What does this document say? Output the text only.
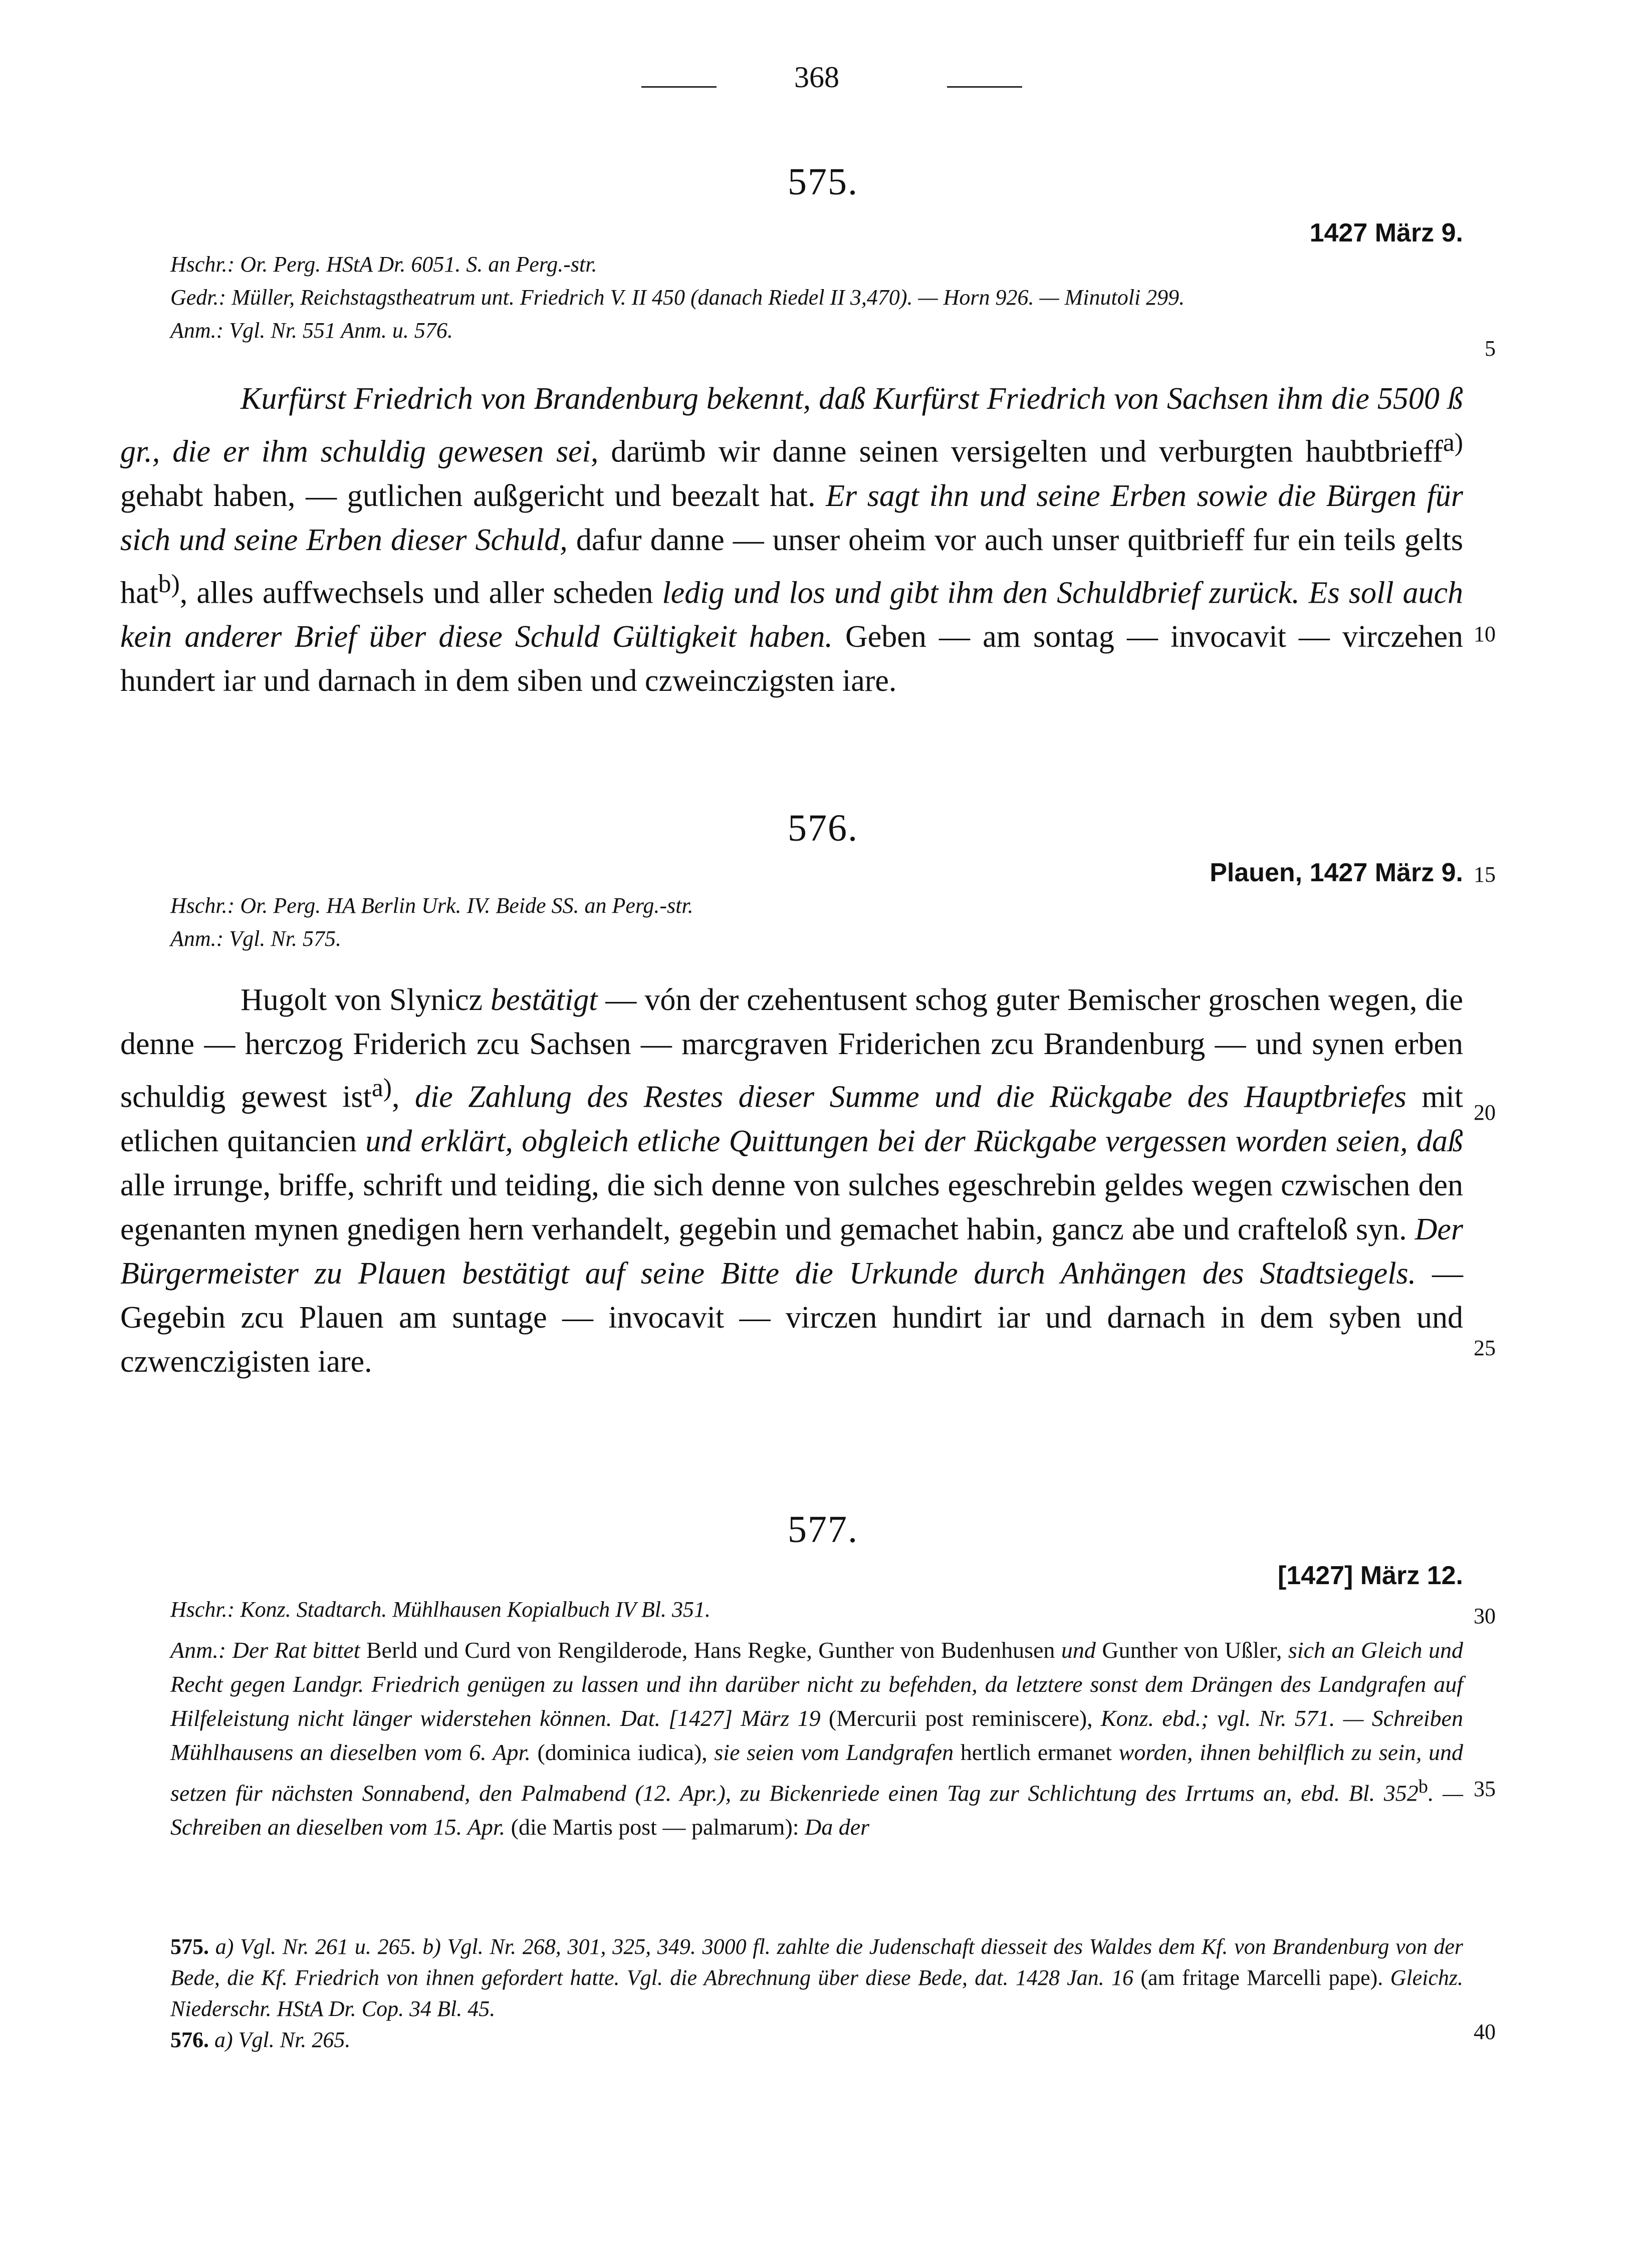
368
575.
1427 März 9.
Hschr.: Or. Perg. HStA Dr. 6051. S. an Perg.-str.
Gedr.: Müller, Reichstagstheatrum unt. Friedrich V. II 450 (danach Riedel II 3,470). — Horn 926. — Minutoli 299.
Anm.: Vgl. Nr. 551 Anm. u. 576.
Kurfürst Friedrich von Brandenburg bekennt, daß Kurfürst Friedrich von Sachsen ihm die 5500 ß gr., die er ihm schuldig gewesen sei, darümb wir danne seinen versigelten und verburgten haubtbrieff$^{a)}$ gehabt haben, — gutlichen außgericht und beezalt hat. Er sagt ihn und seine Erben sowie die Bürgen für sich und seine Erben dieser Schuld, dafur danne — unser oheim vor auch unser quitbrieff fur ein teils gelts hat$^{b)}$, alles auffwechsels und aller scheden ledig und los und gibt ihm den Schuldbrief zurück. Es soll auch kein anderer Brief über diese Schuld Gültigkeit haben. Geben — am sontag — invocavit — virczehen hundert iar und darnach in dem siben und czweinczigsten iare.
576.
Plauen, 1427 März 9.
Hschr.: Or. Perg. HA Berlin Urk. IV. Beide SS. an Perg.-str.
Anm.: Vgl. Nr. 575.
Hugolt von Slynicz bestätigt — vón der czehentusent schog guter Bemischer groschen wegen, die denne — herczog Friderich zcu Sachsen — marcgraven Friderichen zcu Brandenburg — und synen erben schuldig gewest ist$^{a)}$, die Zahlung des Restes dieser Summe und die Rückgabe des Hauptbriefes mit etlichen quitancien und erklärt, obgleich etliche Quittungen bei der Rückgabe vergessen worden seien, daß alle irrunge, briffe, schrift und teiding, die sich denne von sulches egeschrebin geldes wegen czwischen den egenanten mynen gnedigen hern verhandelt, gegebin und gemachet habin, gancz abe und crafteloß syn. Der Bürgermeister zu Plauen bestätigt auf seine Bitte die Urkunde durch Anhängen des Stadtsiegels. — Gegebin zcu Plauen am suntage — invocavit — virczen hundirt iar und darnach in dem syben und czwenczigisten iare.
577.
[1427] März 12.
Hschr.: Konz. Stadtarch. Mühlhausen Kopialbuch IV Bl. 351.
Anm.: Der Rat bittet Berld und Curd von Rengilderode, Hans Regke, Gunther von Budenhusen und Gunther von Ußler, sich an Gleich und Recht gegen Landgr. Friedrich genügen zu lassen und ihn darüber nicht zu befehden, da letztere sonst dem Drängen des Landgrafen auf Hilfeleistung nicht länger widerstehen können. Dat. [1427] März 19 (Mercurii post reminiscere), Konz. ebd.; vgl. Nr. 571. — Schreiben Mühlhausens an dieselben vom 6. Apr. (dominica iudica), sie seien vom Landgrafen hertlich ermanet worden, ihnen behilflich zu sein, und setzen für nächsten Sonnabend, den Palmabend (12. Apr.), zu Bickenriede einen Tag zur Schlichtung des Irrtums an, ebd. Bl. 352$^b$. — Schreiben an dieselben vom 15. Apr. (die Martis post — palmarum): Da der
575. a) Vgl. Nr. 261 u. 265. b) Vgl. Nr. 268, 301, 325, 349. 3000 fl. zahlte die Judenschaft diesseit des Waldes dem Kf. von Brandenburg von der Bede, die Kf. Friedrich von ihnen gefordert hatte. Vgl. die Abrechnung über diese Bede, dat. 1428 Jan. 16 (am fritage Marcelli pape). Gleichz. Niederschr. HStA Dr. Cop. 34 Bl. 45.
576. a) Vgl. Nr. 265.
5
10
15
20
25
30
35
40
